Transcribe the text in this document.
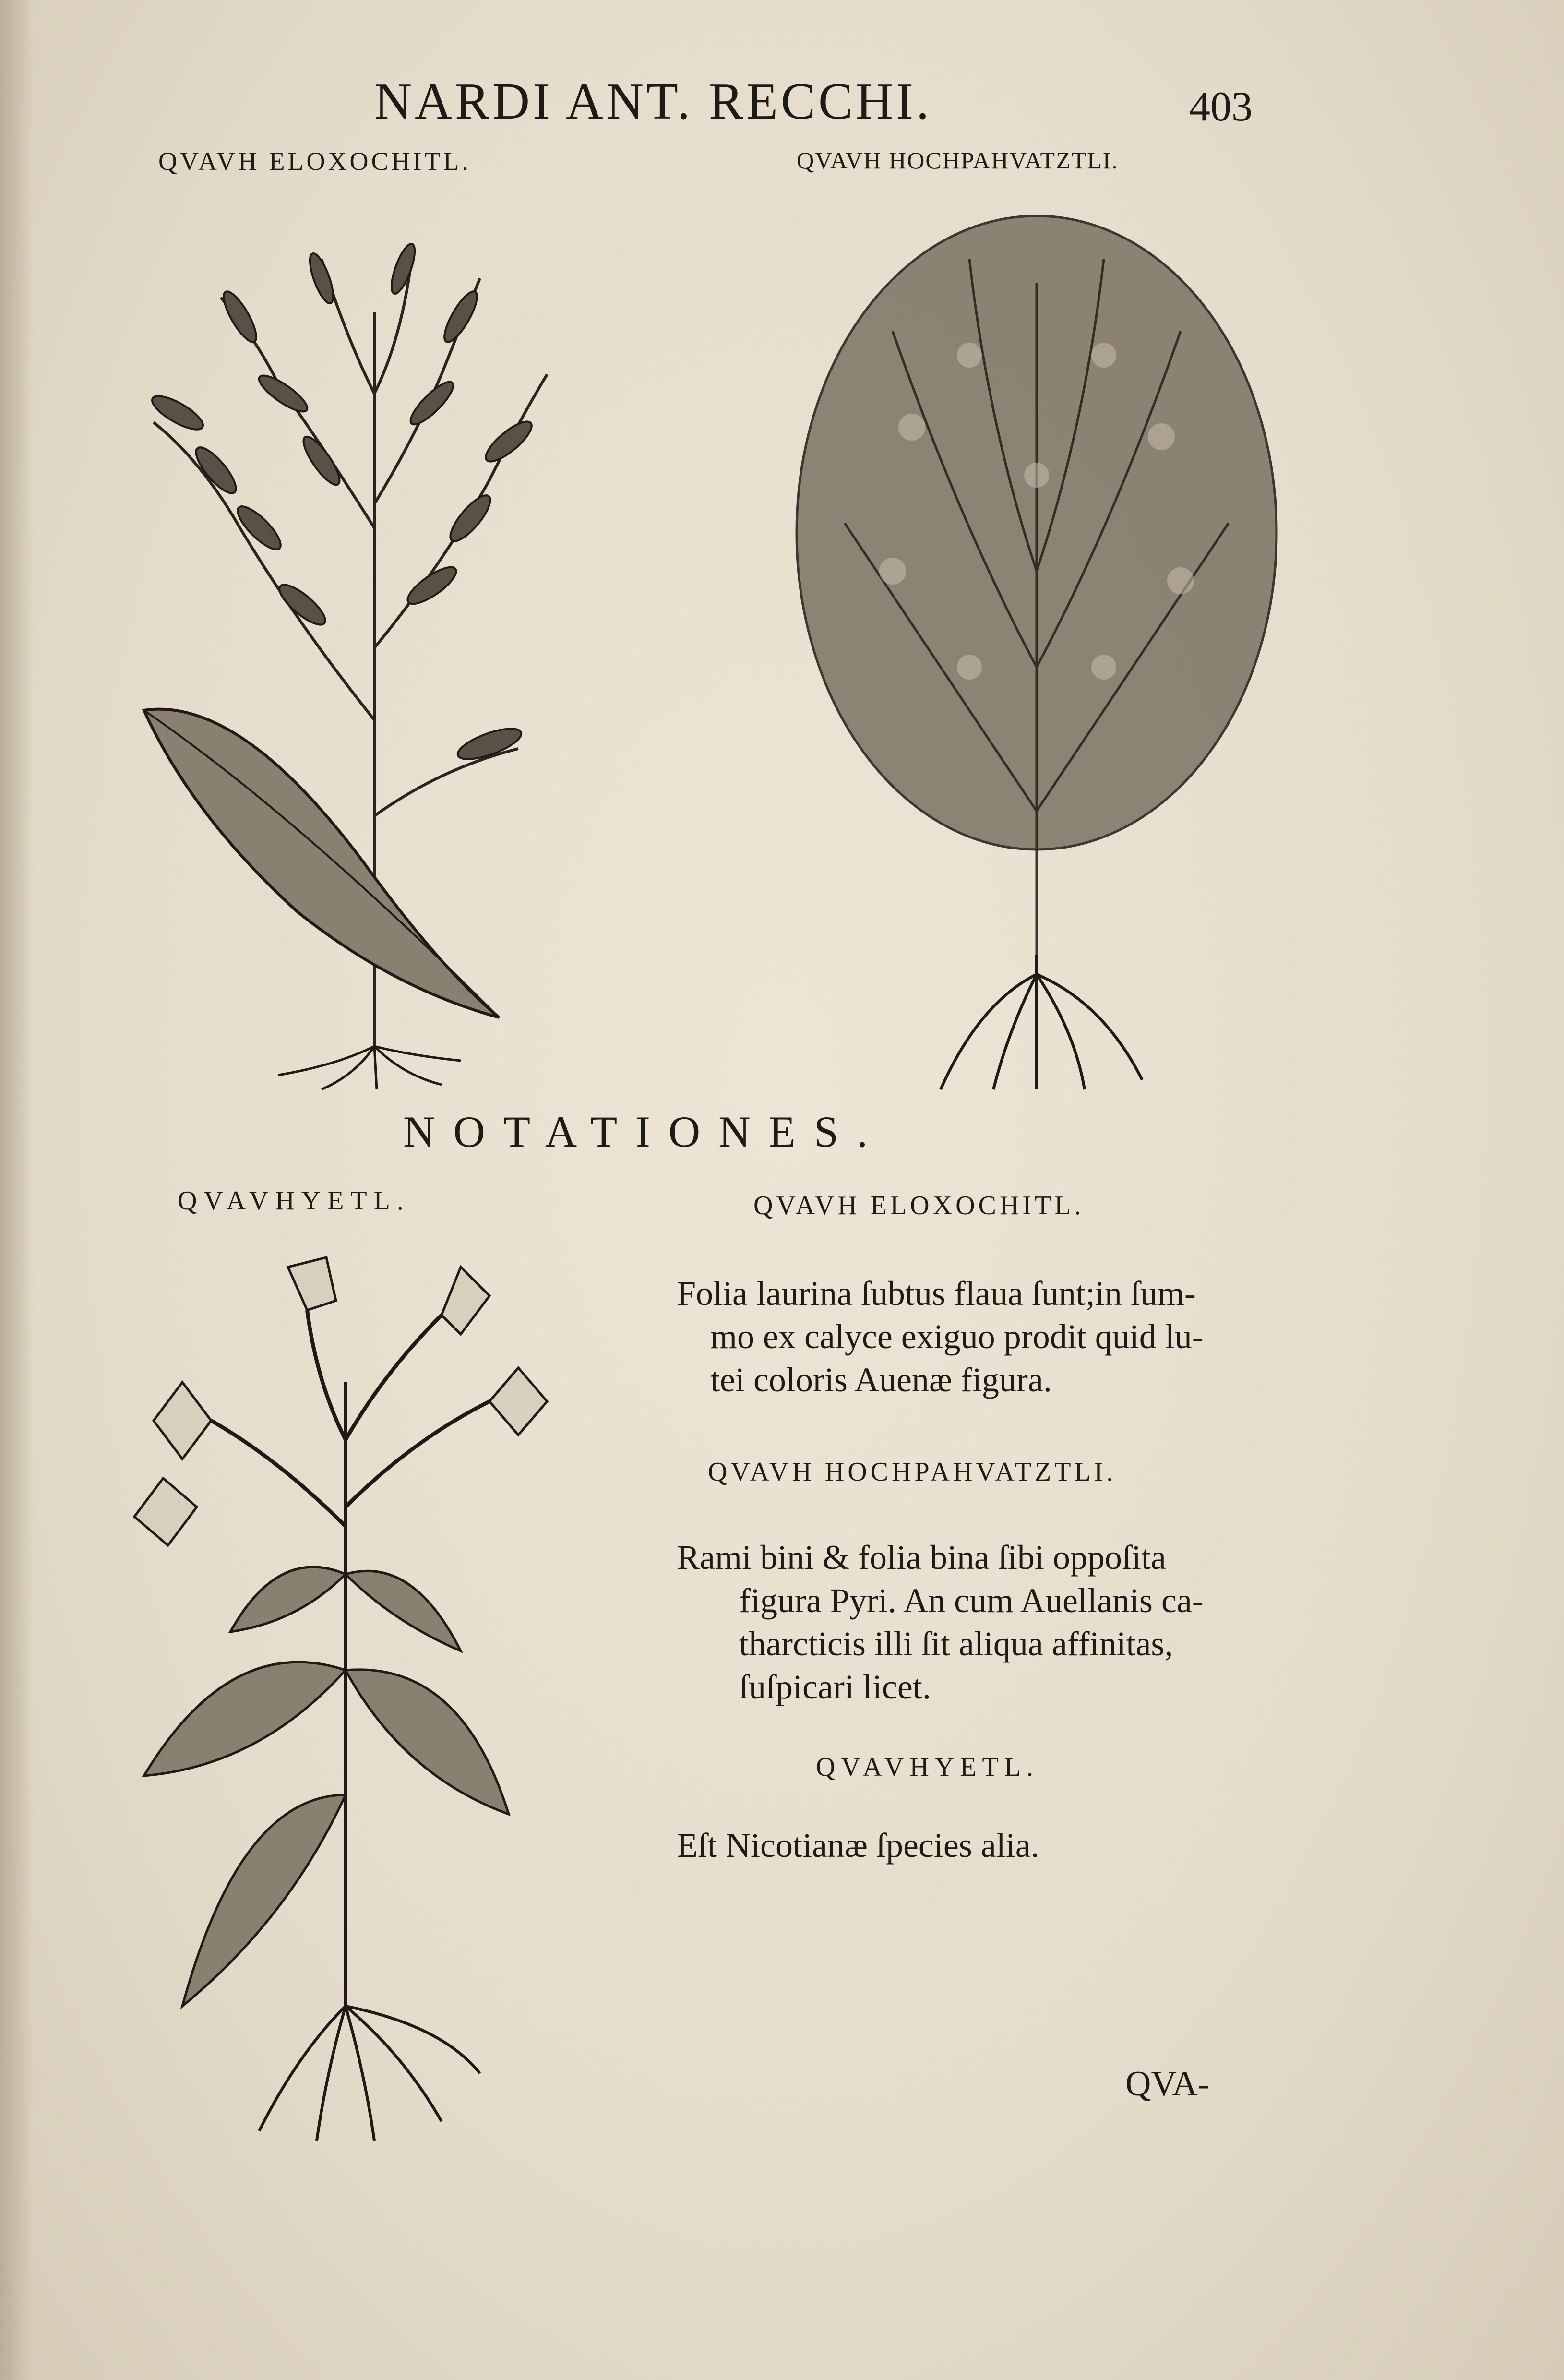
NARDI ANT. RECCHI.	403
QVAVH ELOXOCHITL.	QVAVH HOCHPAHVATZTLI.
NOTATIONES.
QVAVHYETL.	QVAVH ELOXOCHITL.
Folia laurina ſubtus flaua ſunt;in ſum-
mo ex calyce exiguo prodit quid lu-
tei coloris Auenæ figura.
QVAVH HOCHPAHVATZTLI.
Rami bini & folia bina ſibi oppoſita
figura Pyri. An cum Auellanis ca-
tharcticis illi ſit aliqua affinitas,
ſuſpicari licet.
QVAVHYETL.
Eſt Nicotianæ ſpecies alia.
QVA-
